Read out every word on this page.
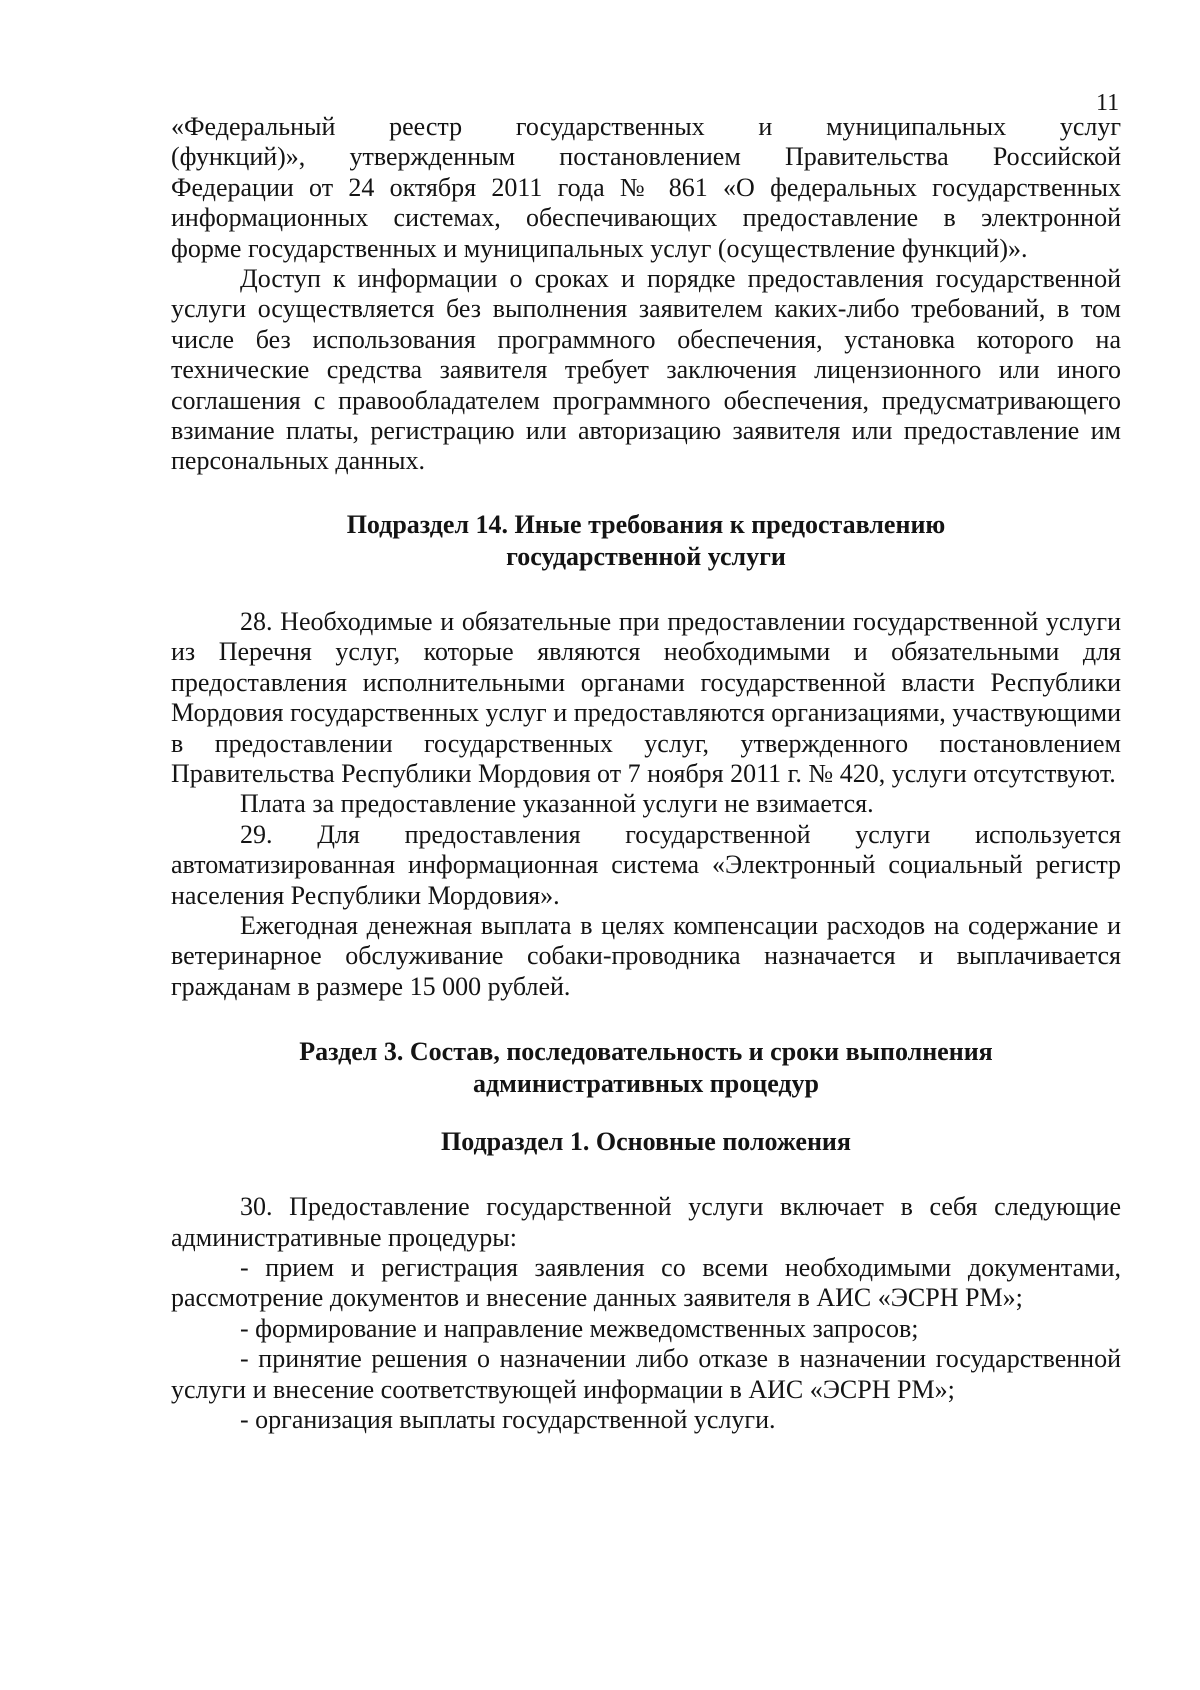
11

«Федеральный реестр государственных и муниципальных услуг
(функций)», утвержденным постановлением Правительства Российской
Федерации от 24 октября 2011 года № 861 «О федеральных государственных
информационных системах, обеспечивающих предоставление в электронной
форме государственных и муниципальных услуг (осуществление функций)».

Доступ к информации о сроках и порядке предоставления государственной услуги осуществляется без выполнения заявителем каких-либо требований, в том числе без использования программного обеспечения, установка которого на технические средства заявителя требует заключения лицензионного или иного соглашения с правообладателем программного обеспечения, предусматривающего взимание платы, регистрацию или авторизацию заявителя или предоставление им персональных данных.

Подраздел 14. Иные требования к предоставлению
государственной услуги

28. Необходимые и обязательные при предоставлении государственной услуги из Перечня услуг, которые являются необходимыми и обязательными для предоставления исполнительными органами государственной власти Республики Мордовия государственных услуг и предоставляются организациями, участвующими в предоставлении государственных услуг, утвержденного постановлением Правительства Республики Мордовия от 7 ноября 2011 г. № 420, услуги отсутствуют.

Плата за предоставление указанной услуги не взимается.

29. Для предоставления государственной услуги используется автоматизированная информационная система «Электронный социальный регистр населения Республики Мордовия».

Ежегодная денежная выплата в целях компенсации расходов на содержание и ветеринарное обслуживание собаки-проводника назначается и выплачивается гражданам в размере 15 000 рублей.

Раздел 3. Состав, последовательность и сроки выполнения
административных процедур
Подраздел 1. Основные положения

30. Предоставление государственной услуги включает в себя следующие административные процедуры:

- прием и регистрация заявления со всеми необходимыми документами, рассмотрение документов и внесение данных заявителя в АИС «ЭСРН РМ»;

- формирование и направление межведомственных запросов;

- принятие решения о назначении либо отказе в назначении государственной услуги и внесение соответствующей информации в АИС «ЭСРН РМ»;

- организация выплаты государственной услуги.
